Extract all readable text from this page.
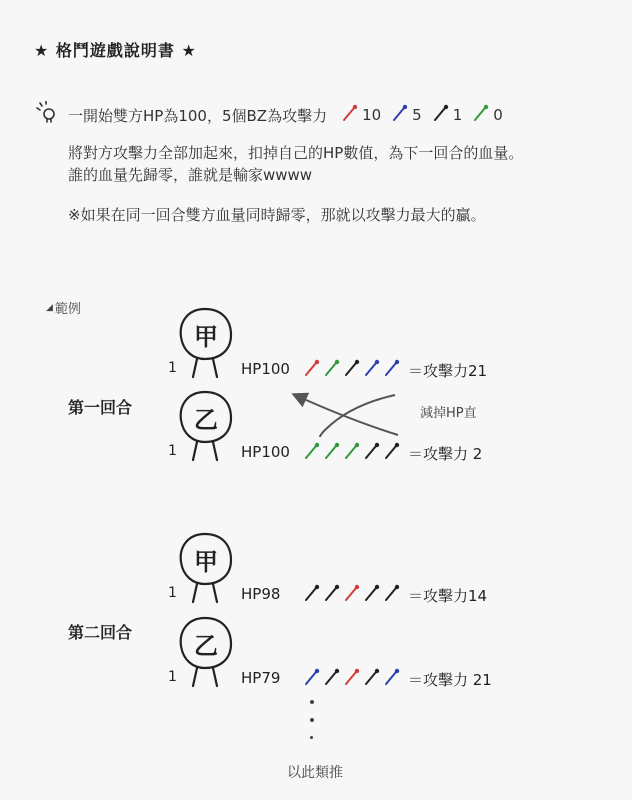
★ 格鬥遊戲說明書 ★
一開始雙方HP為100，5個BZ為攻擊力 10 5 1 0
將對方攻擊力全部加起來，扣掉自己的HP數值，為下一回合的血量。
誰的血量先歸零，誰就是輸家wwww
※如果在同一回合雙方血量同時歸零，那就以攻擊力最大的贏。
◢ 範例
第一回合
第二回合
甲
1	HP100	＝攻擊力21
乙
1	HP100	＝攻擊力 2
甲
1	HP98	＝攻擊力14
乙
1	HP79	＝攻擊力 21
減掉HP直
以此類推
